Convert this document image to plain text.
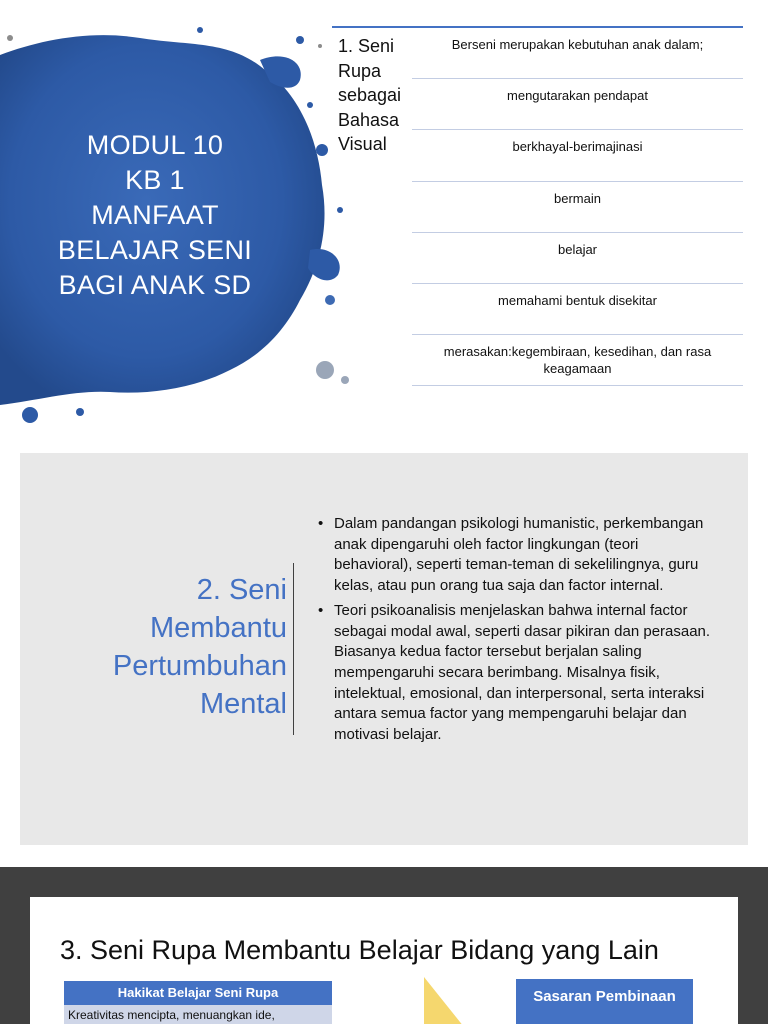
MODUL 10
KB 1
MANFAAT
BELAJAR SENI
BAGI ANAK SD
1. Seni
Rupa
sebagai
Bahasa
Visual
Berseni merupakan kebutuhan anak dalam;
mengutarakan pendapat
berkhayal-berimajinasi
bermain
belajar
memahami bentuk disekitar
merasakan:kegembiraan, kesedihan, dan rasa keagamaan
2. Seni
Membantu
Pertumbuhan
Mental
• Dalam pandangan psikologi humanistic, perkembangan anak dipengaruhi oleh factor lingkungan (teori behavioral), seperti teman-teman di sekelilingnya, guru kelas, atau pun orang tua saja dan factor internal.
• Teori psikoanalisis menjelaskan bahwa internal factor sebagai modal awal, seperti dasar pikiran dan perasaan. Biasanya kedua factor tersebut berjalan saling mempengaruhi secara berimbang. Misalnya fisik, intelektual, emosional, dan interpersonal, serta interaksi antara semua factor yang mempengaruhi belajar dan motivasi belajar.
3. Seni Rupa Membantu Belajar Bidang yang Lain
Hakikat Belajar Seni Rupa
Kreativitas mencipta, menuangkan ide,
Sasaran Pembinaan
